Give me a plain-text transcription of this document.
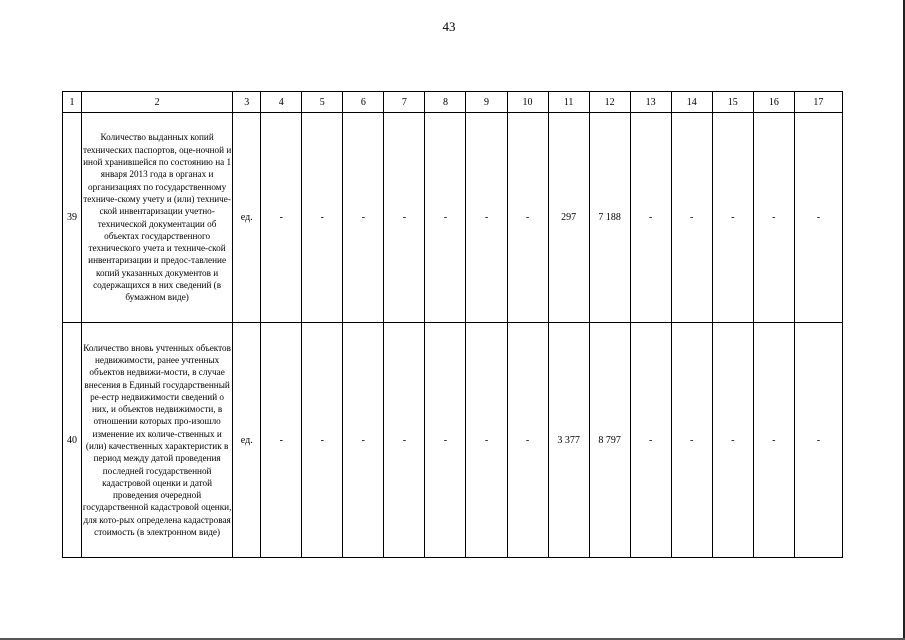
43
1	2	3	4	5	6	7	8	9	10	11	12	13	14	15	16	17
39	Количество выданных копий технических паспортов, оце-ночной и иной хранившейся по состоянию на 1 января 2013 года в органах и организациях по государственному техниче-скому учету и (или) техниче-ской инвентаризации учетно-технической документации об объектах государственного технического учета и техниче-ской инвентаризации и предос-тавление копий указанных документов и содержащихся в них сведений (в бумажном виде)	ед.	-	-	-	-	-	-	-	297	7 188	-	-	-	-	-
40	Количество вновь учтенных объектов недвижимости, ранее учтенных объектов недвижи-мости, в случае внесения в Единый государственный ре-естр недвижимости сведений о них, и объектов недвижимости, в отношении которых про-изошло изменение их количе-ственных и (или) качественных характеристик в период между датой проведения последней государственной кадастровой оценки и датой проведения очередной государственной кадастровой оценки, для кото-рых определена кадастровая стоимость (в электронном виде)	ед.	-	-	-	-	-	-	-	3 377	8 797	-	-	-	-	-
